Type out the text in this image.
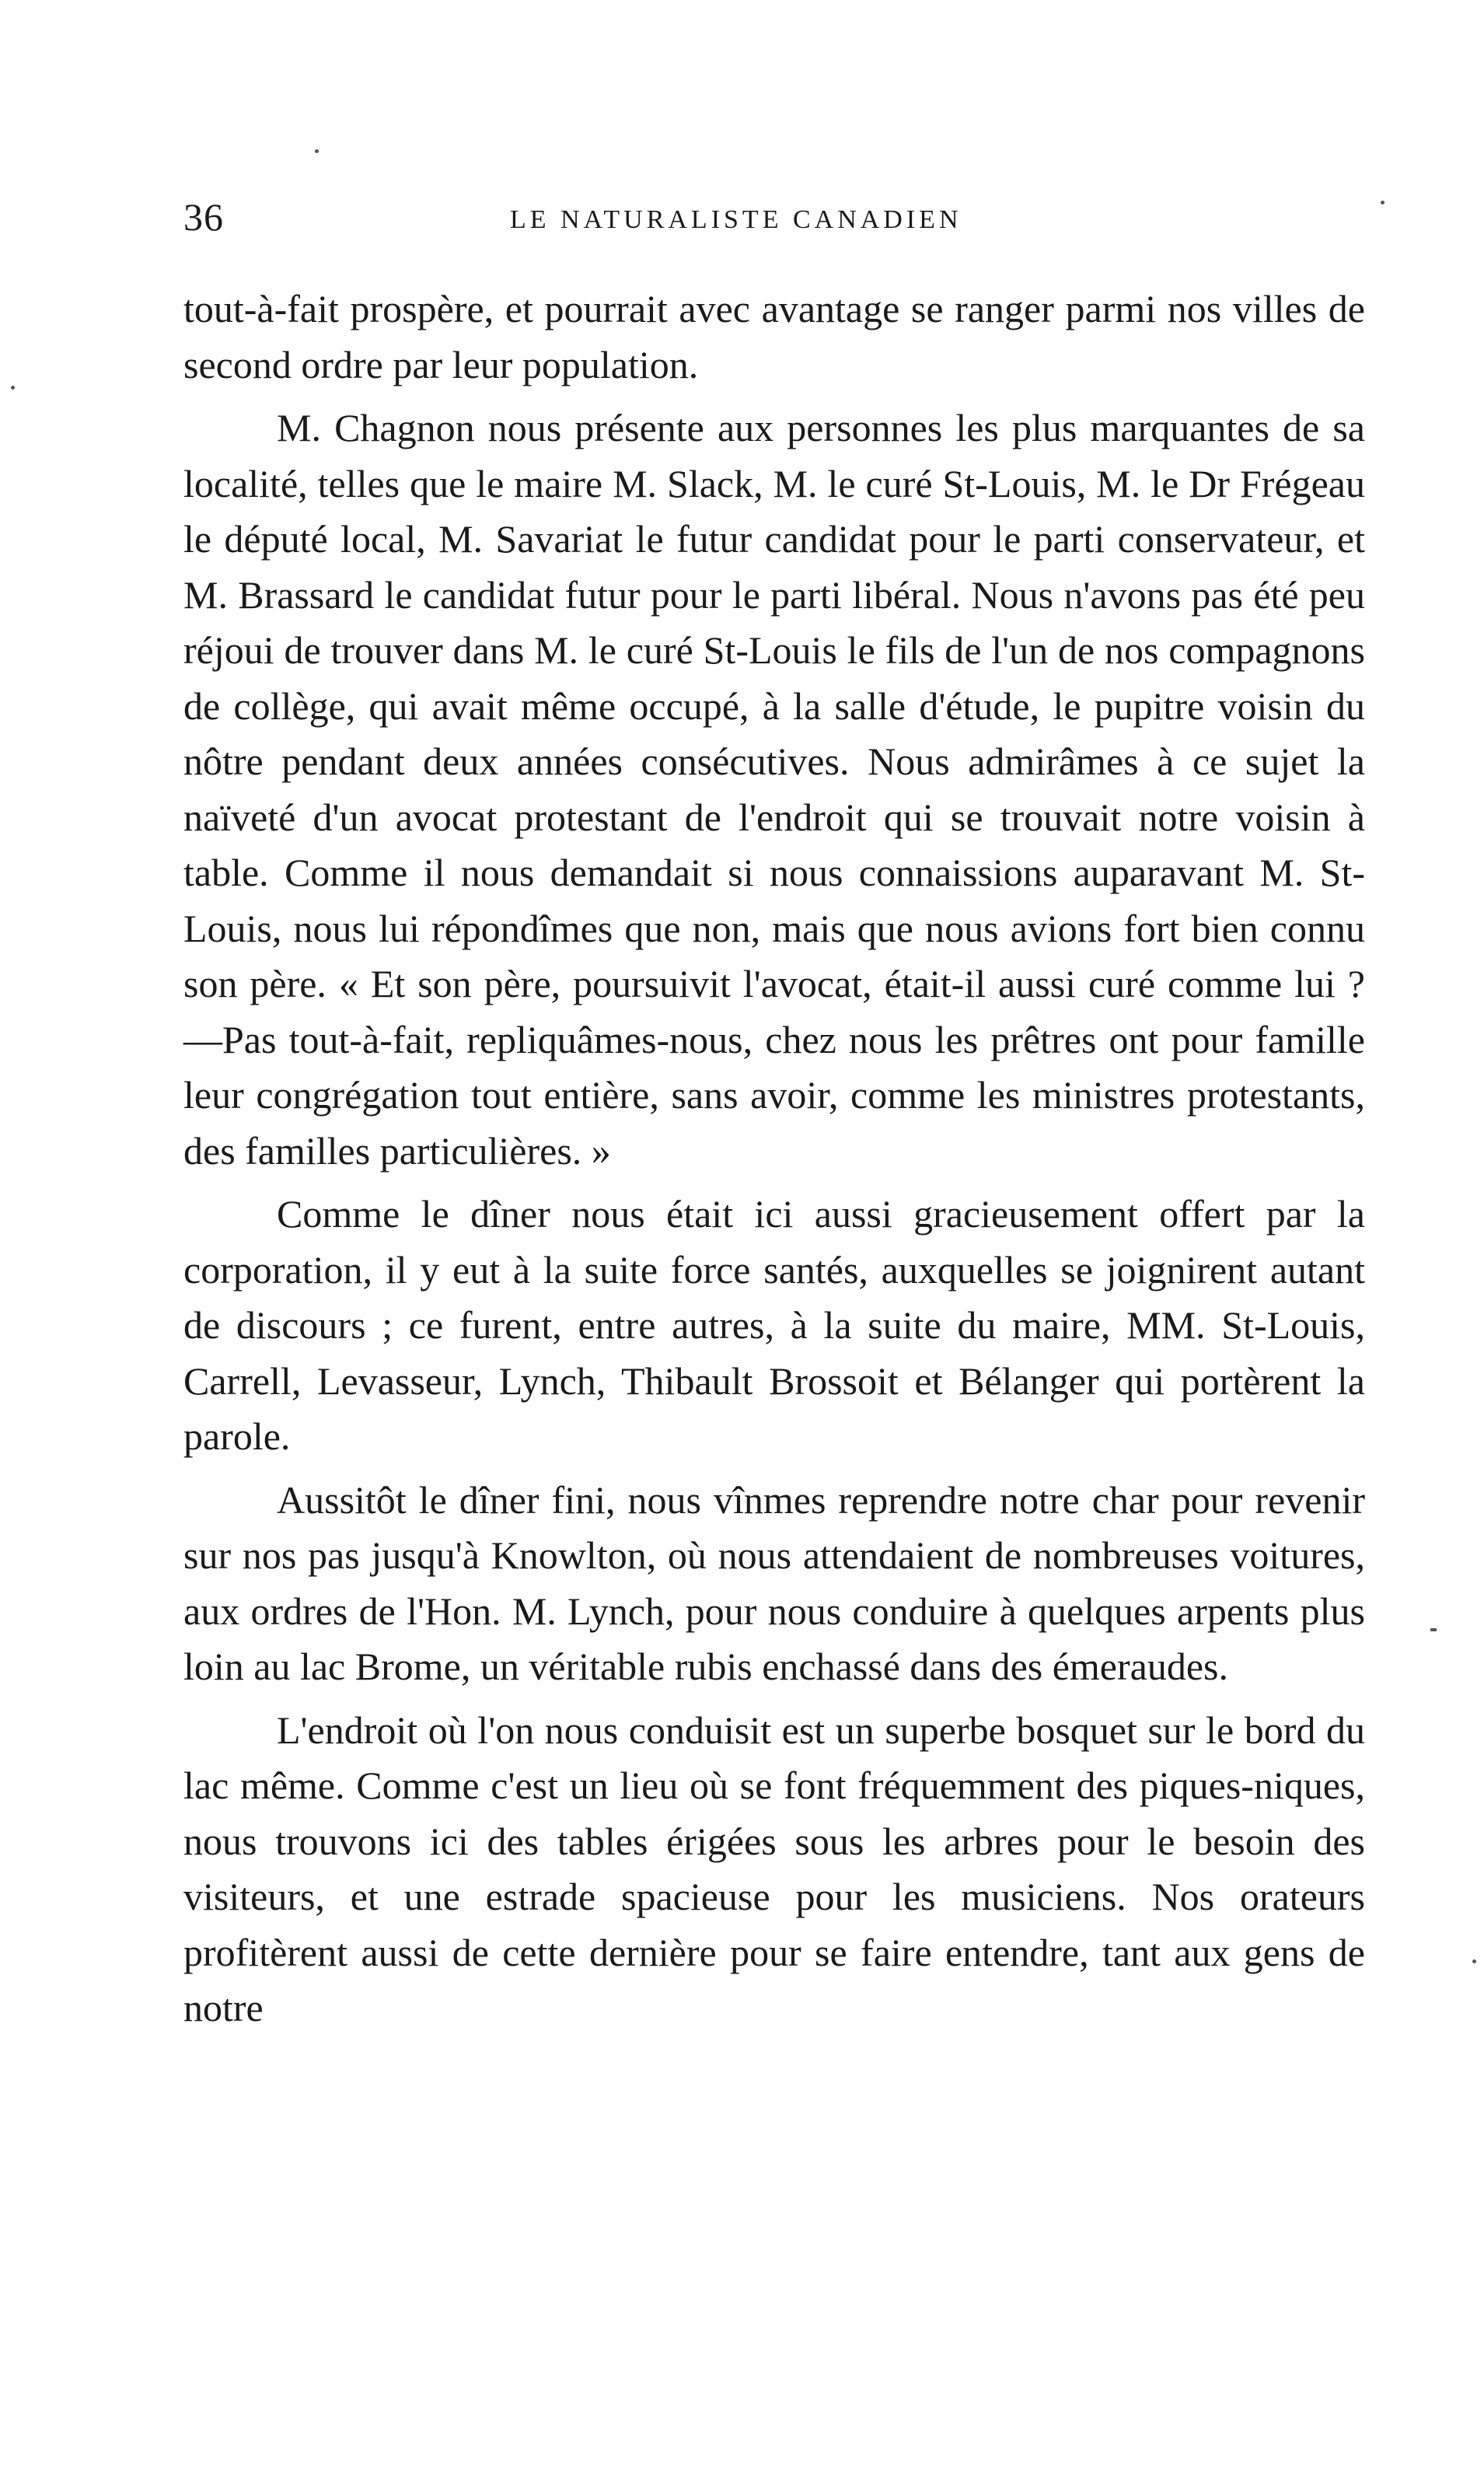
36	LE NATURALISTE CANADIEN

tout-à-fait prospère, et pourrait avec avantage se ranger parmi nos villes de second ordre par leur population.

M. Chagnon nous présente aux personnes les plus marquantes de sa localité, telles que le maire M. Slack, M. le curé St-Louis, M. le Dr Frégeau le député local, M. Savariat le futur candidat pour le parti conservateur, et M. Brassard le candidat futur pour le parti libéral. Nous n'avons pas été peu réjoui de trouver dans M. le curé St-Louis le fils de l'un de nos compagnons de collège, qui avait même occupé, à la salle d'étude, le pupitre voisin du nôtre pendant deux années consécutives. Nous admirâmes à ce sujet la naïveté d'un avocat protestant de l'endroit qui se trouvait notre voisin à table. Comme il nous demandait si nous connaissions auparavant M. St-Louis, nous lui répondîmes que non, mais que nous avions fort bien connu son père. « Et son père, poursuivit l'avocat, était-il aussi curé comme lui ?—Pas tout-à-fait, repliquâmes-nous, chez nous les prêtres ont pour famille leur congrégation tout entière, sans avoir, comme les ministres protestants, des familles particulières. »

Comme le dîner nous était ici aussi gracieusement offert par la corporation, il y eut à la suite force santés, auxquelles se joignirent autant de discours ; ce furent, entre autres, à la suite du maire, MM. St-Louis, Carrell, Levasseur, Lynch, Thibault Brossoit et Bélanger qui portèrent la parole.

Aussitôt le dîner fini, nous vînmes reprendre notre char pour revenir sur nos pas jusqu'à Knowlton, où nous attendaient de nombreuses voitures, aux ordres de l'Hon. M. Lynch, pour nous conduire à quelques arpents plus loin au lac Brome, un véritable rubis enchassé dans des émeraudes.

L'endroit où l'on nous conduisit est un superbe bosquet sur le bord du lac même. Comme c'est un lieu où se font fréquemment des piques-niques, nous trouvons ici des tables érigées sous les arbres pour le besoin des visiteurs, et une estrade spacieuse pour les musiciens. Nos orateurs profitèrent aussi de cette dernière pour se faire entendre, tant aux gens de notre
